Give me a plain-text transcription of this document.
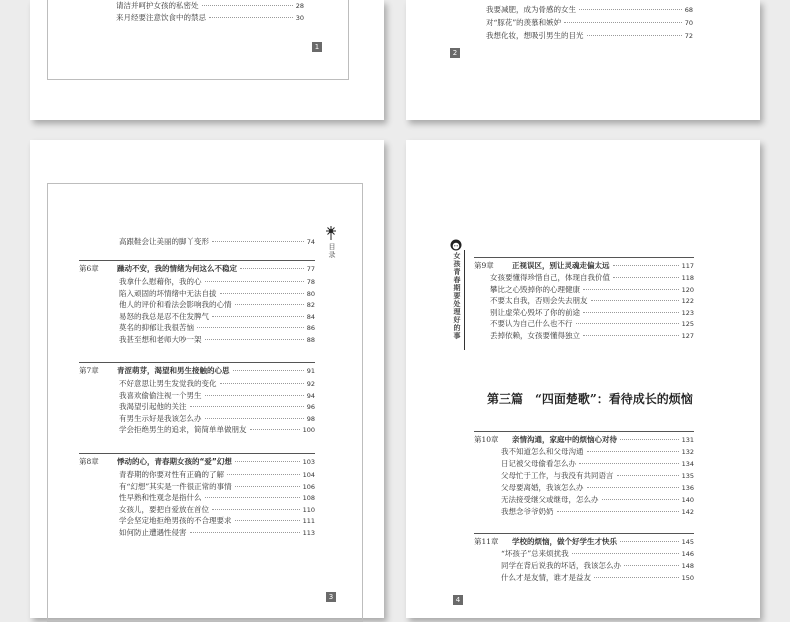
1
请洁并呵护女孩的私密处	28
来月经要注意饮食中的禁忌	30
2
我要减肥，成为骨感的女生	68
对“豚花”的羡慕和嫉妒	70
我想化妆，想吸引男生的目光	72
目录
3
高跟鞋会让美丽的脚丫变形	74
第6章	躁动不安，我的情绪为何这么不稳定	77
我拿什么慰藉你，我的心	78
陷入顽固的坏情绪中无法自拔	80
他人的评价和看法会影响我的心情	82
易怒的我总是忍不住发脾气	84
莫名的抑郁让我很苦恼	86
我甚至想和老师大吵一架	88
第7章	青涩萌芽，渴望和男生接触的心思	91
不好意思让男生发觉我的变化	92
我喜欢偷偷注视一个男生	94
我渴望引起他的关注	96
有男生示好是我该怎么办	98
学会拒绝男生的追求，简简单单做朋友	100
第8章	悸动的心，青春期女孩的“爱”幻想	103
青春期的你要对性有正确的了解	104
有“幻想”其实是一件很正常的事情	106
性早熟和性观念是指什么	108
女孩儿，要把自爱放在首位	110
学会坚定地拒绝男孩的不合理要求	111
如何防止遭遇性侵害	113
女孩青春期要处理好的事
第三篇　“四面楚歌”：看待成长的烦恼
4
第9章	正视误区，别让灵魂走偏太远	117
女孩要懂得珍惜自己，体现自我价值	118
攀比之心毁掉你的心理健康	120
不要太自我，否则会失去朋友	122
别让虚荣心毁坏了你的前途	123
不要认为自己什么也不行	125
丢掉依赖，女孩要懂得独立	127
第10章	亲情沟通，家庭中的烦恼心对待	131
我不知道怎么和父母沟通	132
日记被父母偷看怎么办	134
父母忙于工作，与我没有共同语言	135
父母要离婚，我该怎么办	136
无法接受继父或继母，怎么办	140
我想念爷爷奶奶	142
第11章	学校的烦恼，做个好学生才快乐	145
“坏孩子”总来烦扰我	146
同学在背后说我的坏话，我该怎么办	148
什么才是友情，谁才是益友	150
